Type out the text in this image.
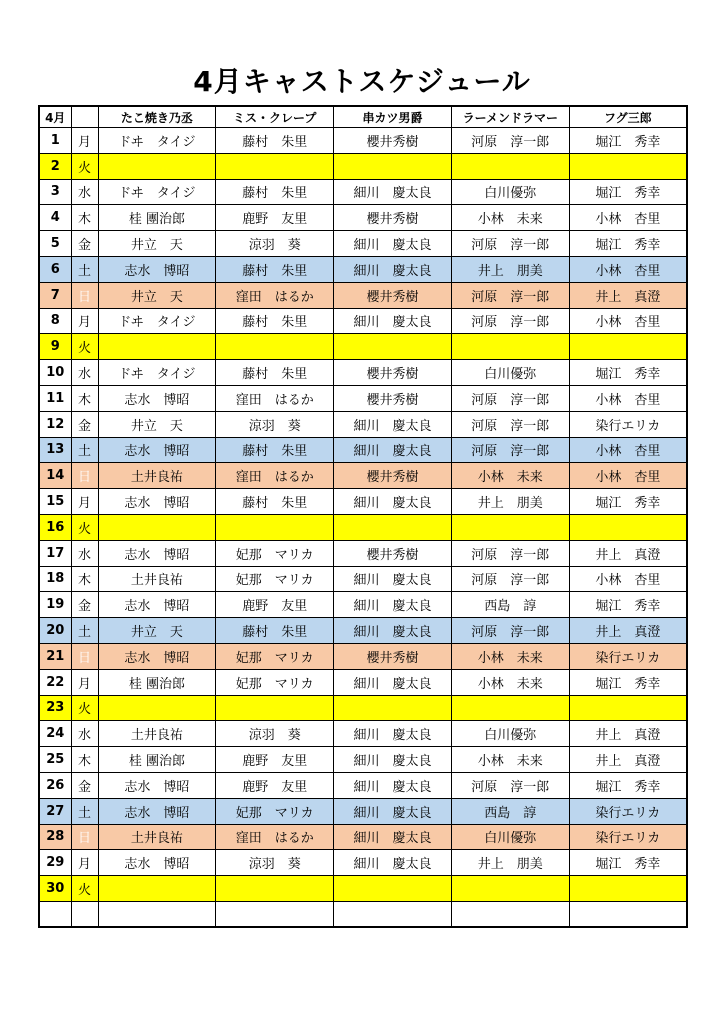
4月キャストスケジュール
4月		たこ焼き乃丞	ミス・クレープ	串カツ男爵	ラーメンドラマー	フグ三郎
1	月	ドヰ　タイジ	藤村　朱里	櫻井秀樹	河原　淳一郎	堀江　秀幸
2	火					
3	水	ドヰ　タイジ	藤村　朱里	細川　慶太良	白川優弥	堀江　秀幸
4	木	桂 團治郎	鹿野　友里	櫻井秀樹	小林　未来	小林　杏里
5	金	井立　天	涼羽　葵	細川　慶太良	河原　淳一郎	堀江　秀幸
6	土	志水　博昭	藤村　朱里	細川　慶太良	井上　朋美	小林　杏里
7	日	井立　天	窪田　はるか	櫻井秀樹	河原　淳一郎	井上　真澄
8	月	ドヰ　タイジ	藤村　朱里	細川　慶太良	河原　淳一郎	小林　杏里
9	火					
10	水	ドヰ　タイジ	藤村　朱里	櫻井秀樹	白川優弥	堀江　秀幸
11	木	志水　博昭	窪田　はるか	櫻井秀樹	河原　淳一郎	小林　杏里
12	金	井立　天	涼羽　葵	細川　慶太良	河原　淳一郎	染行エリカ
13	土	志水　博昭	藤村　朱里	細川　慶太良	河原　淳一郎	小林　杏里
14	日	土井良祐	窪田　はるか	櫻井秀樹	小林　未来	小林　杏里
15	月	志水　博昭	藤村　朱里	細川　慶太良	井上　朋美	堀江　秀幸
16	火					
17	水	志水　博昭	妃那　マリカ	櫻井秀樹	河原　淳一郎	井上　真澄
18	木	土井良祐	妃那　マリカ	細川　慶太良	河原　淳一郎	小林　杏里
19	金	志水　博昭	鹿野　友里	細川　慶太良	西島　諄	堀江　秀幸
20	土	井立　天	藤村　朱里	細川　慶太良	河原　淳一郎	井上　真澄
21	日	志水　博昭	妃那　マリカ	櫻井秀樹	小林　未来	染行エリカ
22	月	桂 團治郎	妃那　マリカ	細川　慶太良	小林　未来	堀江　秀幸
23	火					
24	水	土井良祐	涼羽　葵	細川　慶太良	白川優弥	井上　真澄
25	木	桂 團治郎	鹿野　友里	細川　慶太良	小林　未来	井上　真澄
26	金	志水　博昭	鹿野　友里	細川　慶太良	河原　淳一郎	堀江　秀幸
27	土	志水　博昭	妃那　マリカ	細川　慶太良	西島　諄	染行エリカ
28	日	土井良祐	窪田　はるか	細川　慶太良	白川優弥	染行エリカ
29	月	志水　博昭	涼羽　葵	細川　慶太良	井上　朋美	堀江　秀幸
30	火					
